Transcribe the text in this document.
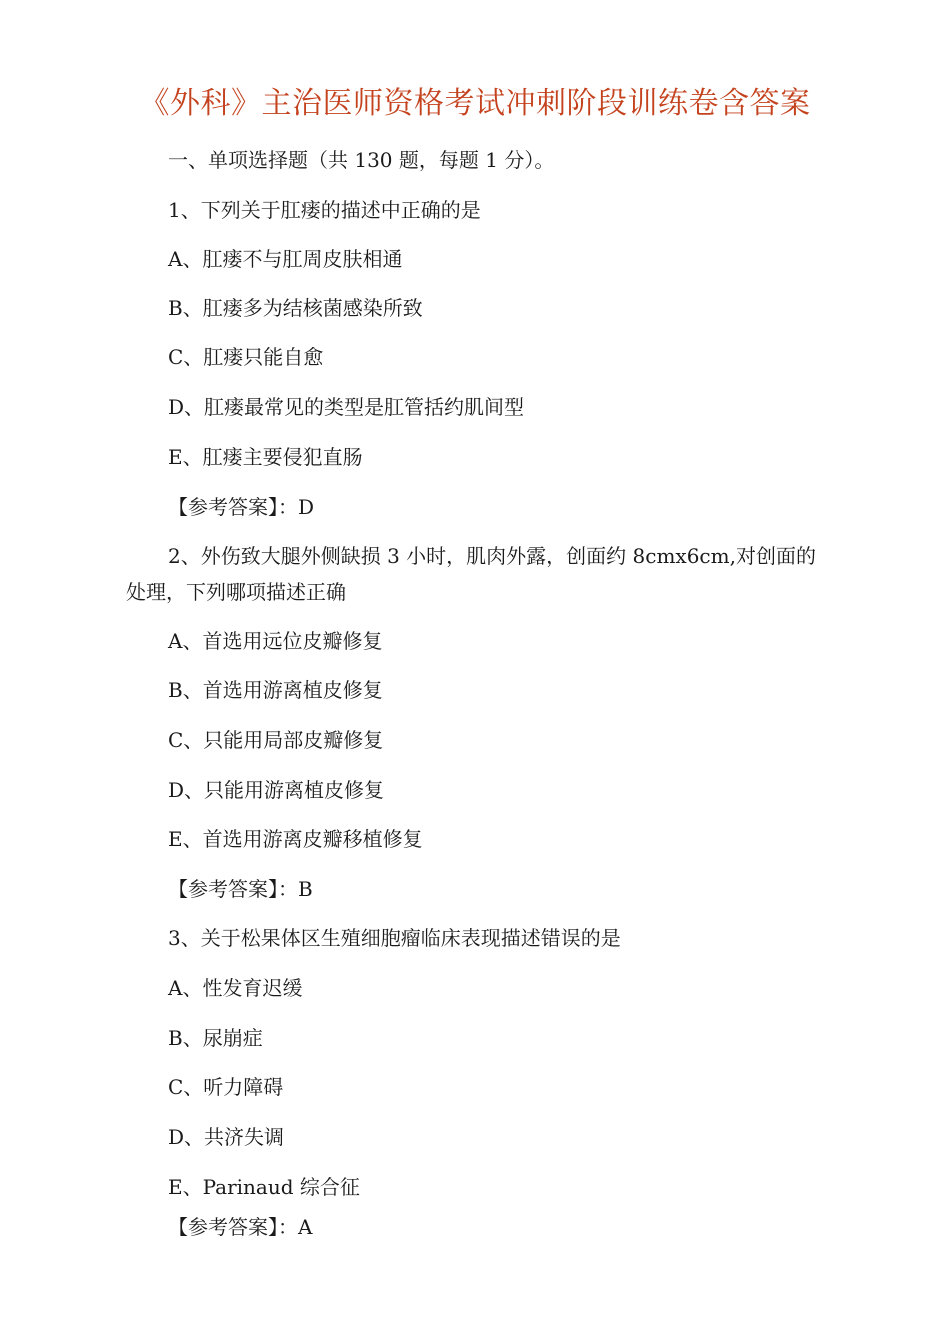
《外科》主治医师资格考试冲刺阶段训练卷含答案
一、单项选择题（共 130 题，每题 1 分）。
1、下列关于肛瘘的描述中正确的是
A、肛瘘不与肛周皮肤相通
B、肛瘘多为结核菌感染所致
C、肛瘘只能自愈
D、肛瘘最常见的类型是肛管括约肌间型
E、肛瘘主要侵犯直肠
【参考答案】：D
2、外伤致大腿外侧缺损 3 小时，肌肉外露，创面约 8cmx6cm,对创面的
处理，下列哪项描述正确
A、首选用远位皮瓣修复
B、首选用游离植皮修复
C、只能用局部皮瓣修复
D、只能用游离植皮修复
E、首选用游离皮瓣移植修复
【参考答案】：B
3、关于松果体区生殖细胞瘤临床表现描述错误的是
A、性发育迟缓
B、尿崩症
C、听力障碍
D、共济失调
E、Parinaud 综合征
【参考答案】：A
